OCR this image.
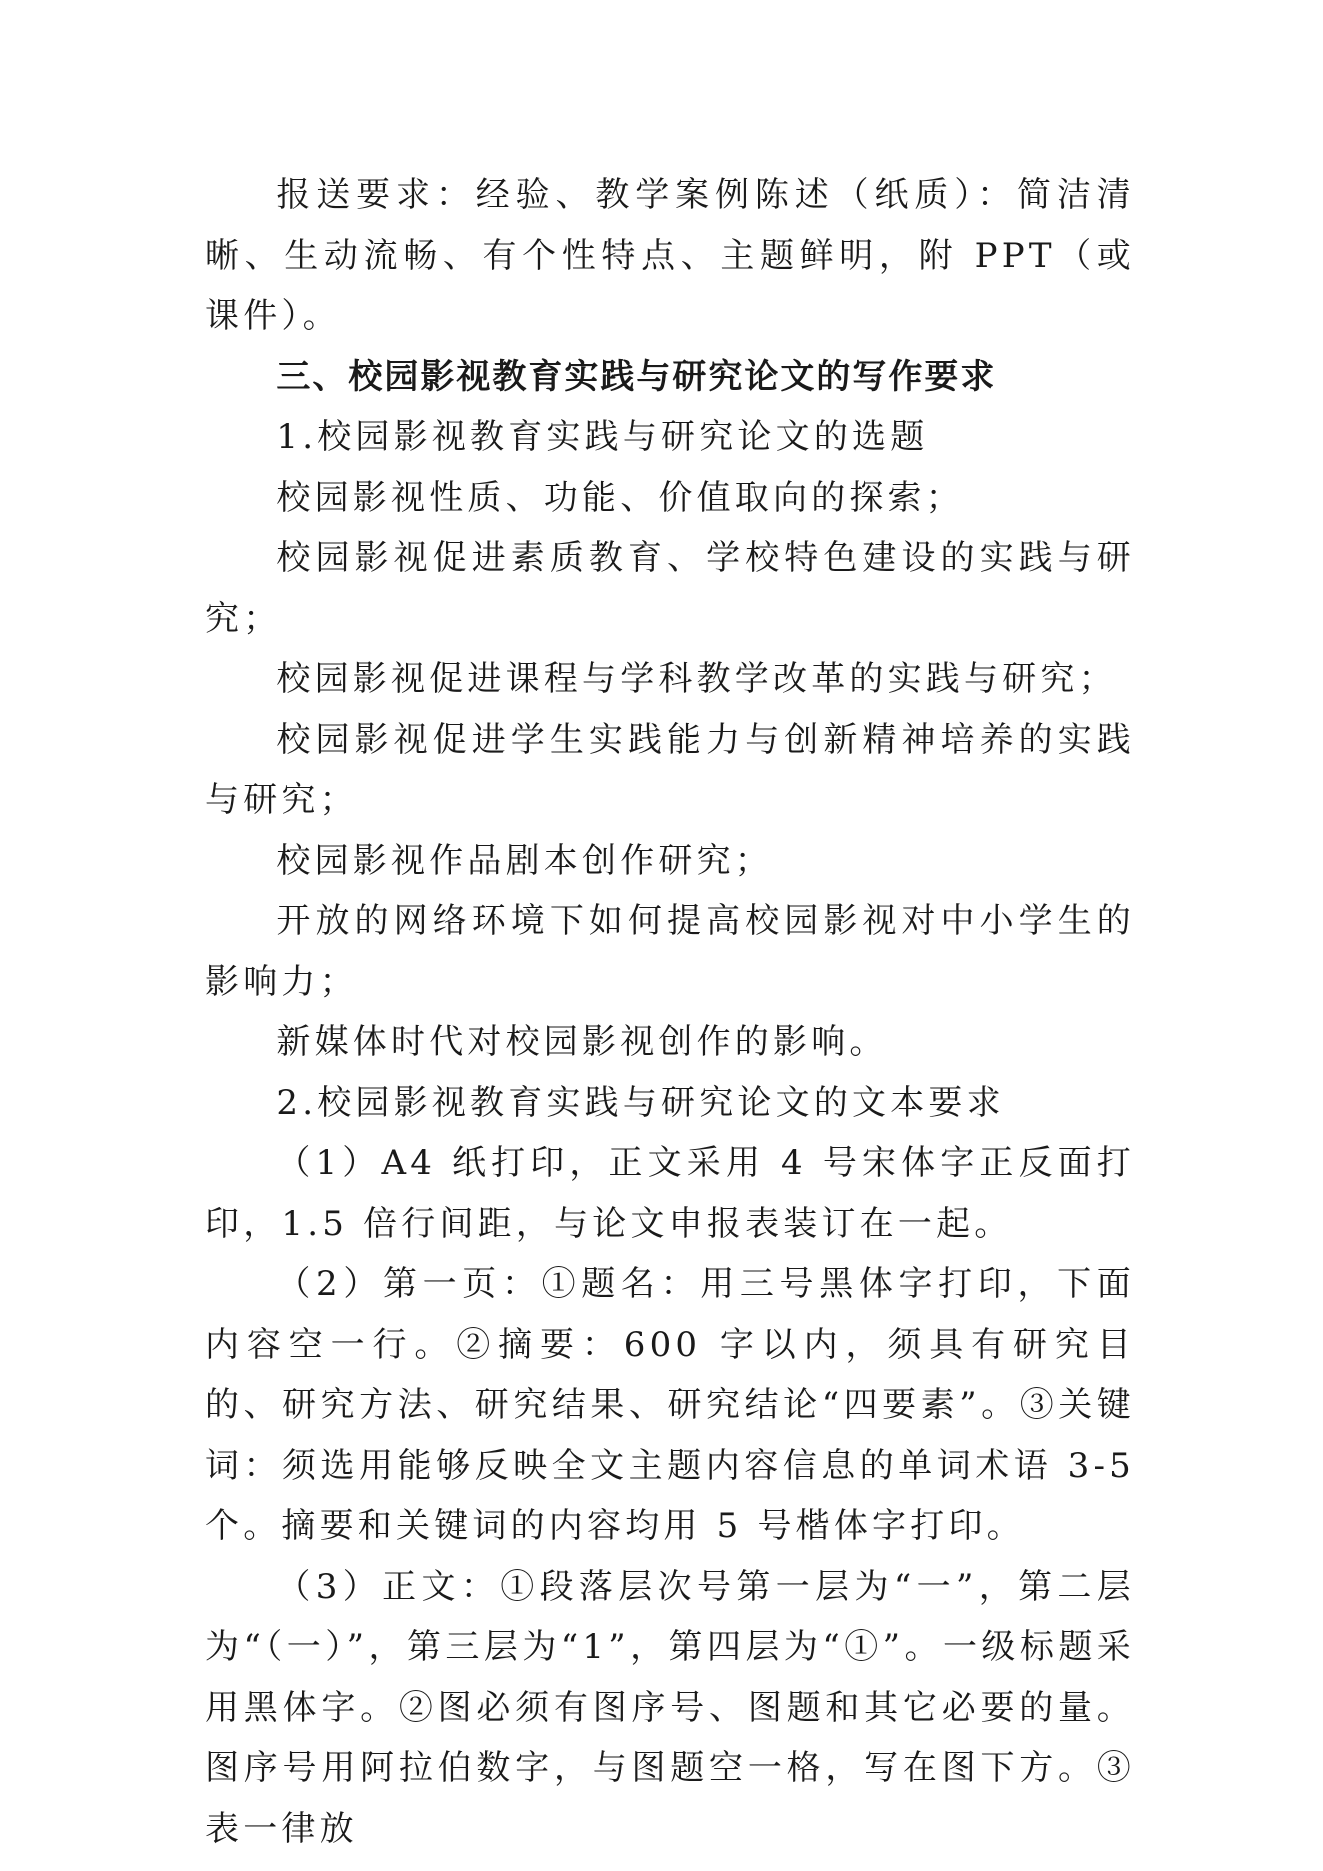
报送要求：经验、教学案例陈述（纸质）：简洁清晰、生动流畅、有个性特点、主题鲜明，附 PPT（或课件）。

三、校园影视教育实践与研究论文的写作要求

1.校园影视教育实践与研究论文的选题

校园影视性质、功能、价值取向的探索；

校园影视促进素质教育、学校特色建设的实践与研究；

校园影视促进课程与学科教学改革的实践与研究；

校园影视促进学生实践能力与创新精神培养的实践与研究；

校园影视作品剧本创作研究；

开放的网络环境下如何提高校园影视对中小学生的影响力；

新媒体时代对校园影视创作的影响。

2.校园影视教育实践与研究论文的文本要求

（1）A4 纸打印，正文采用 4 号宋体字正反面打印，1.5 倍行间距，与论文申报表装订在一起。

（2）第一页：①题名：用三号黑体字打印，下面内容空一行。②摘要：600 字以内，须具有研究目的、研究方法、研究结果、研究结论“四要素”。③关键词：须选用能够反映全文主题内容信息的单词术语 3-5 个。摘要和关键词的内容均用 5 号楷体字打印。

（3）正文：①段落层次号第一层为“一”，第二层为“（一）”，第三层为“1”，第四层为“①”。一级标题采用黑体字。②图必须有图序号、图题和其它必要的量。图序号用阿拉伯数字，与图题空一格，写在图下方。③表一律放
